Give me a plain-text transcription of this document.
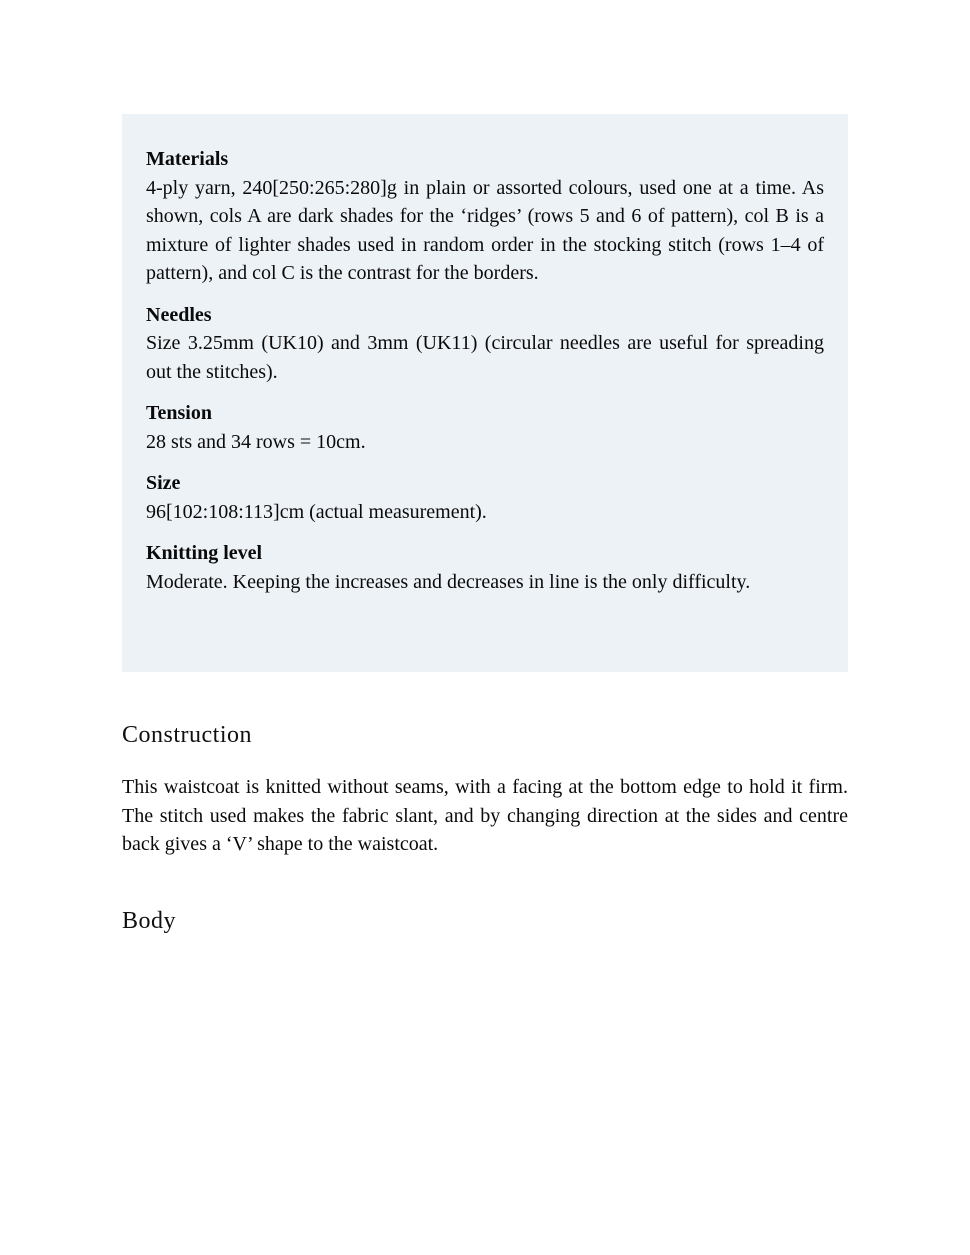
Materials

4-ply yarn, 240[250:265:280]g in plain or assorted colours, used one at a time. As shown, cols A are dark shades for the ‘ridges’ (rows 5 and 6 of pattern), col B is a mixture of lighter shades used in random order in the stocking stitch (rows 1–4 of pattern), and col C is the contrast for the borders.

Needles

Size 3.25mm (UK10) and 3mm (UK11) (circular needles are useful for spreading out the stitches).

Tension

28 sts and 34 rows = 10cm.

Size

96[102:108:113]cm (actual measurement).

Knitting level

Moderate. Keeping the increases and decreases in line is the only difficulty.

Construction

This waistcoat is knitted without seams, with a facing at the bottom edge to hold it firm. The stitch used makes the fabric slant, and by changing direction at the sides and centre back gives a ‘V’ shape to the waistcoat.

Body
